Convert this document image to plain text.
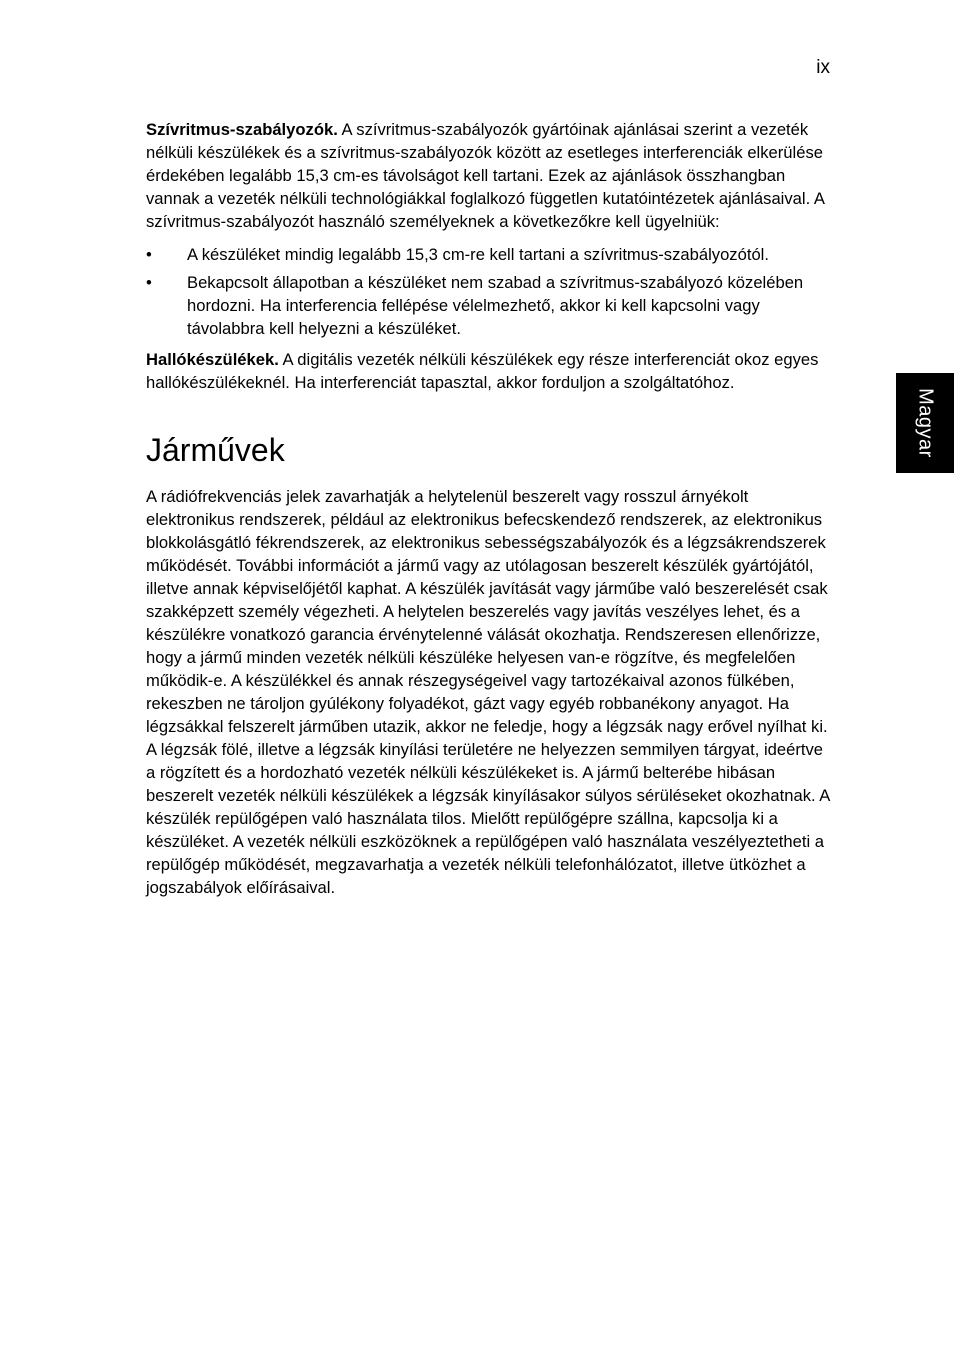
ix
Magyar

Szívritmus-szabályozók. A szívritmus-szabályozók gyártóinak ajánlásai szerint a vezeték nélküli készülékek és a szívritmus-szabályozók között az esetleges interferenciák elkerülése érdekében legalább 15,3 cm-es távolságot kell tartani. Ezek az ajánlások összhangban vannak a vezeték nélküli technológiákkal foglalkozó független kutatóintézetek ajánlásaival. A szívritmus-szabályozót használó személyeknek a következőkre kell ügyelniük:

• A készüléket mindig legalább 15,3 cm-re kell tartani a szívritmus-szabályozótól.
• Bekapcsolt állapotban a készüléket nem szabad a szívritmus-szabályozó közelében hordozni. Ha interferencia fellépése vélelmezhető, akkor ki kell kapcsolni vagy távolabbra kell helyezni a készüléket.

Hallókészülékek. A digitális vezeték nélküli készülékek egy része interferenciát okoz egyes hallókészülékeknél. Ha interferenciát tapasztal, akkor forduljon a szolgáltatóhoz.

Járművek

A rádiófrekvenciás jelek zavarhatják a helytelenül beszerelt vagy rosszul árnyékolt elektronikus rendszerek, például az elektronikus befecskendező rendszerek, az elektronikus blokkolásgátló fékrendszerek, az elektronikus sebességszabályozók és a légzsákrendszerek működését. További információt a jármű vagy az utólagosan beszerelt készülék gyártójától, illetve annak képviselőjétől kaphat. A készülék javítását vagy járműbe való beszerelését csak szakképzett személy végezheti. A helytelen beszerelés vagy javítás veszélyes lehet, és a készülékre vonatkozó garancia érvénytelenné válását okozhatja. Rendszeresen ellenőrizze, hogy a jármű minden vezeték nélküli készüléke helyesen van-e rögzítve, és megfelelően működik-e. A készülékkel és annak részegységeivel vagy tartozékaival azonos fülkében, rekeszben ne tároljon gyúlékony folyadékot, gázt vagy egyéb robbanékony anyagot. Ha légzsákkal felszerelt járműben utazik, akkor ne feledje, hogy a légzsák nagy erővel nyílhat ki. A légzsák fölé, illetve a légzsák kinyílási területére ne helyezzen semmilyen tárgyat, ideértve a rögzített és a hordozható vezeték nélküli készülékeket is. A jármű belterébe hibásan beszerelt vezeték nélküli készülékek a légzsák kinyílásakor súlyos sérüléseket okozhatnak. A készülék repülőgépen való használata tilos. Mielőtt repülőgépre szállna, kapcsolja ki a készüléket. A vezeték nélküli eszközöknek a repülőgépen való használata veszélyeztetheti a repülőgép működését, megzavarhatja a vezeték nélküli telefonhálózatot, illetve ütközhet a jogszabályok előírásaival.
